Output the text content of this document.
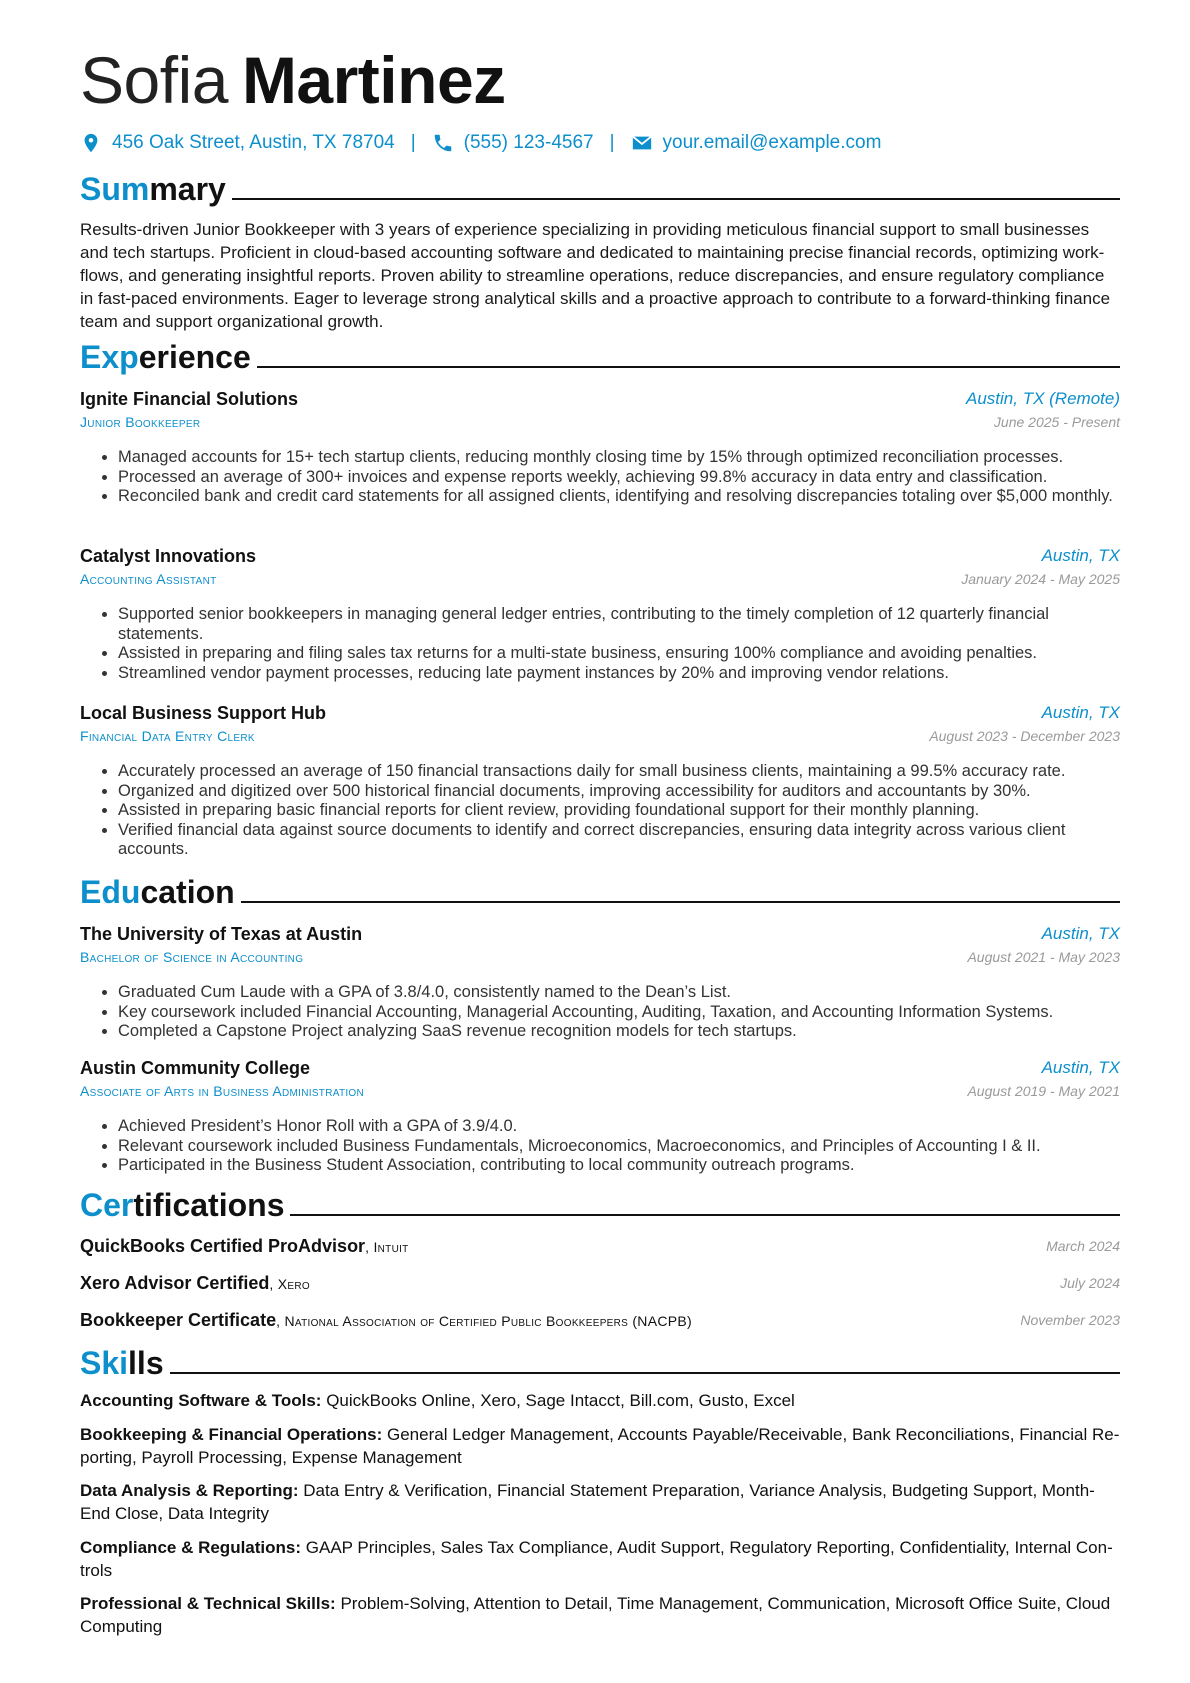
Sofia Martinez
456 Oak Street, Austin, TX 78704 |	(555) 123-4567 |	your.email@example.com
Summary
Results-driven Junior Bookkeeper with 3 years of experience specializing in providing meticulous financial support to small businesses and tech startups. Proficient in cloud-based accounting software and dedicated to maintaining precise financial records, optimizing work-flows, and generating insightful reports. Proven ability to streamline operations, reduce discrepancies, and ensure regulatory compliance in fast-paced environments. Eager to leverage strong analytical skills and a proactive approach to contribute to a forward-thinking finance team and support organizational growth.
Experience
Ignite Financial Solutions
Junior Bookkeeper
Austin, TX (Remote)
June 2025 - Present
• Managed accounts for 15+ tech startup clients, reducing monthly closing time by 15% through optimized reconciliation processes.
• Processed an average of 300+ invoices and expense reports weekly, achieving 99.8% accuracy in data entry and classification.
• Reconciled bank and credit card statements for all assigned clients, identifying and resolving discrepancies totaling over $5,000 monthly.
Catalyst Innovations
Accounting Assistant
Austin, TX
January 2024 - May 2025
• Supported senior bookkeepers in managing general ledger entries, contributing to the timely completion of 12 quarterly financial statements.
• Assisted in preparing and filing sales tax returns for a multi-state business, ensuring 100% compliance and avoiding penalties.
• Streamlined vendor payment processes, reducing late payment instances by 20% and improving vendor relations.
Local Business Support Hub
Financial Data Entry Clerk
Austin, TX
August 2023 - December 2023
• Accurately processed an average of 150 financial transactions daily for small business clients, maintaining a 99.5% accuracy rate.
• Organized and digitized over 500 historical financial documents, improving accessibility for auditors and accountants by 30%.
• Assisted in preparing basic financial reports for client review, providing foundational support for their monthly planning.
• Verified financial data against source documents to identify and correct discrepancies, ensuring data integrity across various client accounts.
Education
The University of Texas at Austin
Bachelor of Science in Accounting
Austin, TX
August 2021 - May 2023
• Graduated Cum Laude with a GPA of 3.8/4.0, consistently named to the Dean’s List.
• Key coursework included Financial Accounting, Managerial Accounting, Auditing, Taxation, and Accounting Information Systems.
• Completed a Capstone Project analyzing SaaS revenue recognition models for tech startups.
Austin Community College
Associate of Arts in Business Administration
Austin, TX
August 2019 - May 2021
• Achieved President’s Honor Roll with a GPA of 3.9/4.0.
• Relevant coursework included Business Fundamentals, Microeconomics, Macroeconomics, and Principles of Accounting I & II.
• Participated in the Business Student Association, contributing to local community outreach programs.
Certifications
QuickBooks Certified ProAdvisor, Intuit	March 2024
Xero Advisor Certified, Xero	July 2024
Bookkeeper Certificate, National Association of Certified Public Bookkeepers (NACPB)	November 2023
Skills
Accounting Software & Tools: QuickBooks Online, Xero, Sage Intacct, Bill.com, Gusto, Excel
Bookkeeping & Financial Operations: General Ledger Management, Accounts Payable/Receivable, Bank Reconciliations, Financial Re-porting, Payroll Processing, Expense Management
Data Analysis & Reporting: Data Entry & Verification, Financial Statement Preparation, Variance Analysis, Budgeting Support, Month-End Close, Data Integrity
Compliance & Regulations: GAAP Principles, Sales Tax Compliance, Audit Support, Regulatory Reporting, Confidentiality, Internal Con-trols
Professional & Technical Skills: Problem-Solving, Attention to Detail, Time Management, Communication, Microsoft Office Suite, Cloud Computing
